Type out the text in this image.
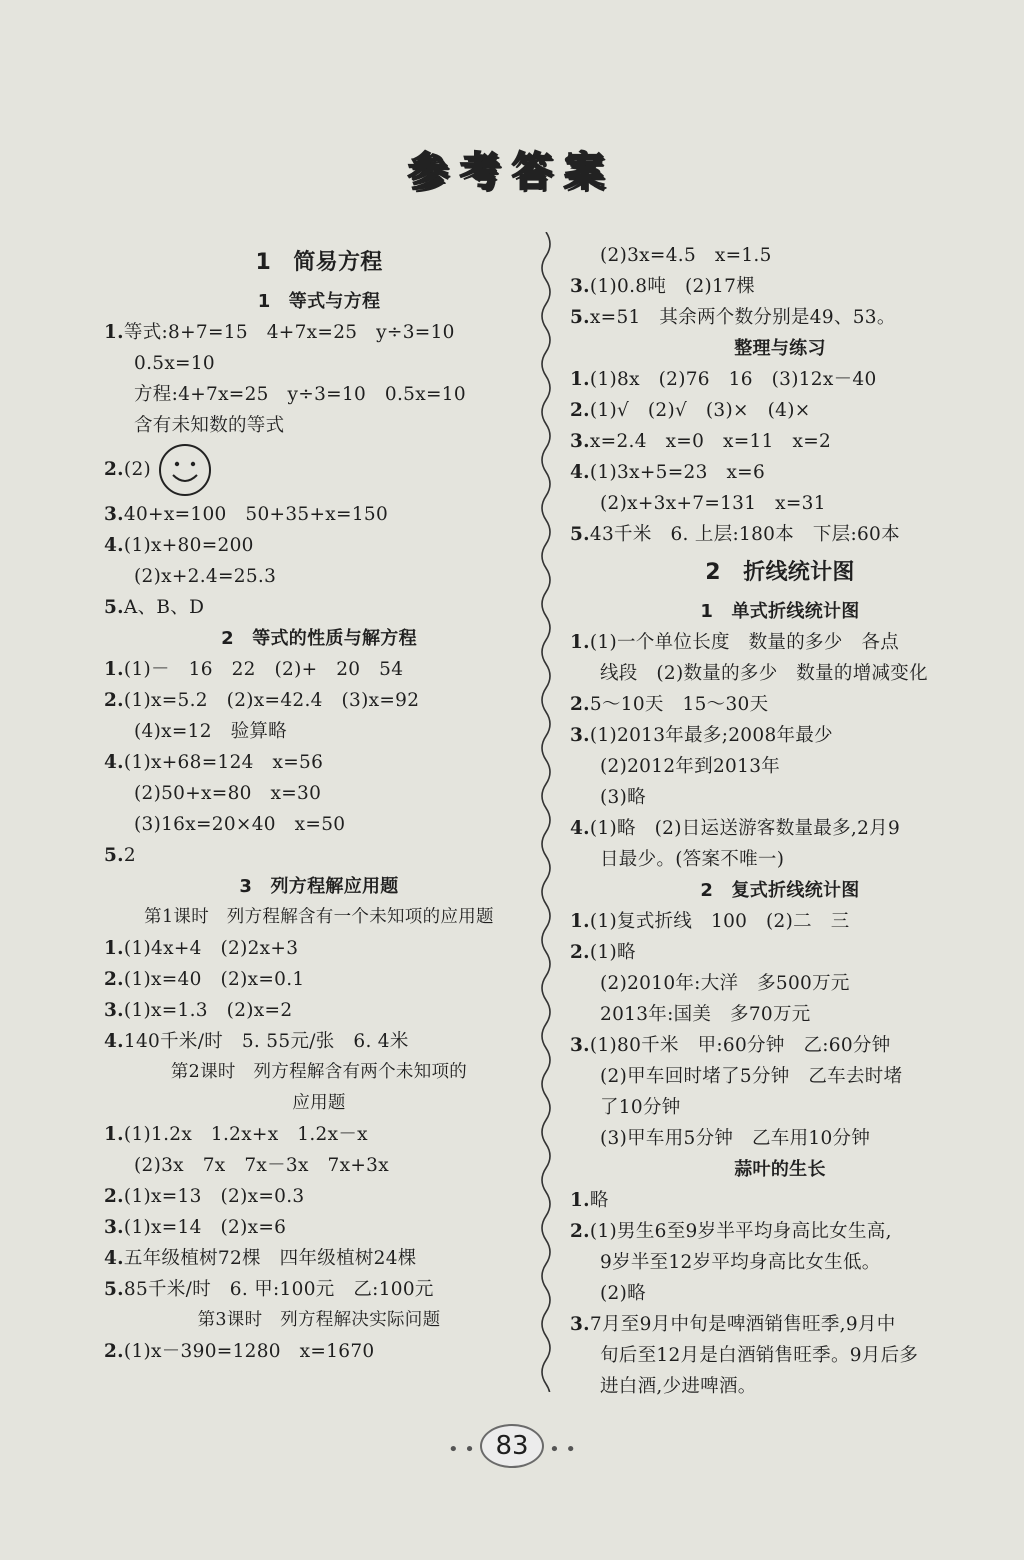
参考答案
1　简易方程
1　等式与方程
1.等式:8+7=15　4+7x=25　y÷3=10
0.5x=10
方程:4+7x=25　y÷3=10　0.5x=10
含有未知数的等式
2.(2)
3.40+x=100　50+35+x=150
4.(1)x+80=200
(2)x+2.4=25.3
5.A、B、D
2　等式的性质与解方程
1.(1)－　16　22　(2)+　20　54
2.(1)x=5.2　(2)x=42.4　(3)x=92
(4)x=12　验算略
4.(1)x+68=124　x=56
(2)50+x=80　x=30
(3)16x=20×40　x=50
5.2
3　列方程解应用题
第1课时　列方程解含有一个未知项的应用题
1.(1)4x+4　(2)2x+3
2.(1)x=40　(2)x=0.1
3.(1)x=1.3　(2)x=2
4.140千米/时　5. 55元/张　6. 4米
第2课时　列方程解含有两个未知项的
应用题
1.(1)1.2x　1.2x+x　1.2x－x
(2)3x　7x　7x－3x　7x+3x
2.(1)x=13　(2)x=0.3
3.(1)x=14　(2)x=6
4.五年级植树72棵　四年级植树24棵
5.85千米/时　6. 甲:100元　乙:100元
第3课时　列方程解决实际问题
2.(1)x－390=1280　x=1670
(2)3x=4.5　x=1.5
3.(1)0.8吨　(2)17棵
5.x=51　其余两个数分别是49、53。
整理与练习
1.(1)8x　(2)76　16　(3)12x－40
2.(1)√　(2)√　(3)×　(4)×
3.x=2.4　x=0　x=11　x=2
4.(1)3x+5=23　x=6
(2)x+3x+7=131　x=31
5.43千米　6. 上层:180本　下层:60本
2　折线统计图
1　单式折线统计图
1.(1)一个单位长度　数量的多少　各点
线段　(2)数量的多少　数量的增减变化
2.5～10天　15～30天
3.(1)2013年最多;2008年最少
(2)2012年到2013年
(3)略
4.(1)略　(2)日运送游客数量最多,2月9
日最少。(答案不唯一)
2　复式折线统计图
1.(1)复式折线　100　(2)二　三
2.(1)略
(2)2010年:大洋　多500万元
2013年:国美　多70万元
3.(1)80千米　甲:60分钟　乙:60分钟
(2)甲车回时堵了5分钟　乙车去时堵
了10分钟
(3)甲车用5分钟　乙车用10分钟
蒜叶的生长
1.略
2.(1)男生6至9岁半平均身高比女生高,
9岁半至12岁平均身高比女生低。
(2)略
3.7月至9月中旬是啤酒销售旺季,9月中
旬后至12月是白酒销售旺季。9月后多
进白酒,少进啤酒。
• • 83 • •
